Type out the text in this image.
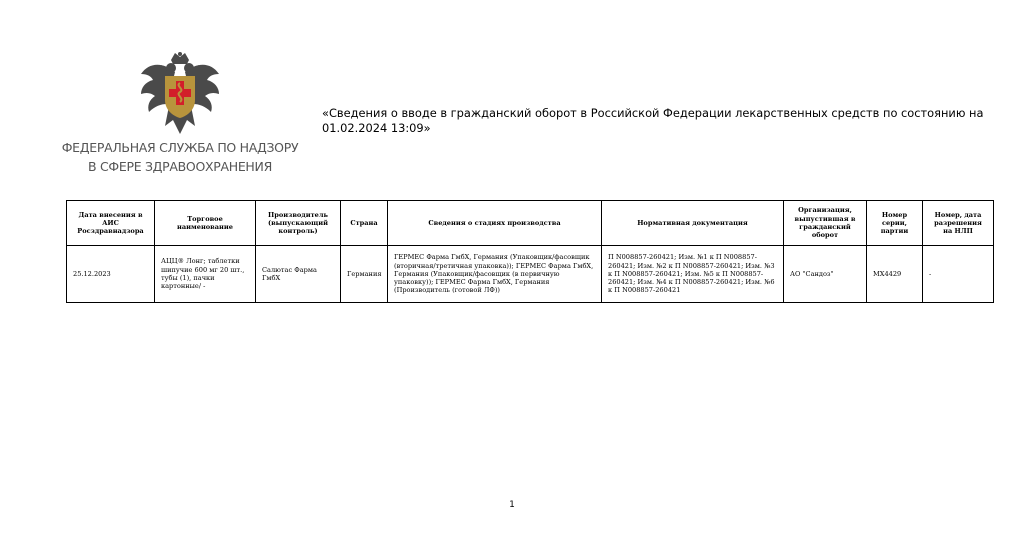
ФЕДЕРАЛЬНАЯ СЛУЖБА ПО НАДЗОРУ
В СФЕРЕ ЗДРАВООХРАНЕНИЯ
«Сведения о вводе в гражданский оборот в Российской Федерации лекарственных средств по состоянию на 01.02.2024 13:09»
Дата внесения в АИС Росздравнадзора	Торговое наименование	Производитель (выпускающий контроль)	Страна	Сведения о стадиях производства	Нормативная документация	Организация, выпустившая в гражданский оборот	Номер серии, партии	Номер, дата разрешения на НЛП
25.12.2023	АЦЦ® Лонг; таблетки шипучие 600 мг 20 шт., тубы (1), пачки картонные/ -	Салютас Фарма ГмбХ	Германия	ГЕРМЕС Фарма ГмбХ, Германия (Упаковщик/фасовщик (вторичная/третичная упаковка)); ГЕРМЕС Фарма ГмбХ, Германия (Упаковщик/фасовщик (в первичную упаковку)); ГЕРМЕС Фарма ГмбХ, Германия (Производитель (готовой ЛФ))	П N008857-260421; Изм. №1 к П N008857-260421; Изм. №2 к П N008857-260421; Изм. №3 к П N008857-260421; Изм. №5 к П N008857-260421; Изм. №4 к П N008857-260421; Изм. №6 к П N008857-260421	АО "Сандоз"	MX4429	-
1
